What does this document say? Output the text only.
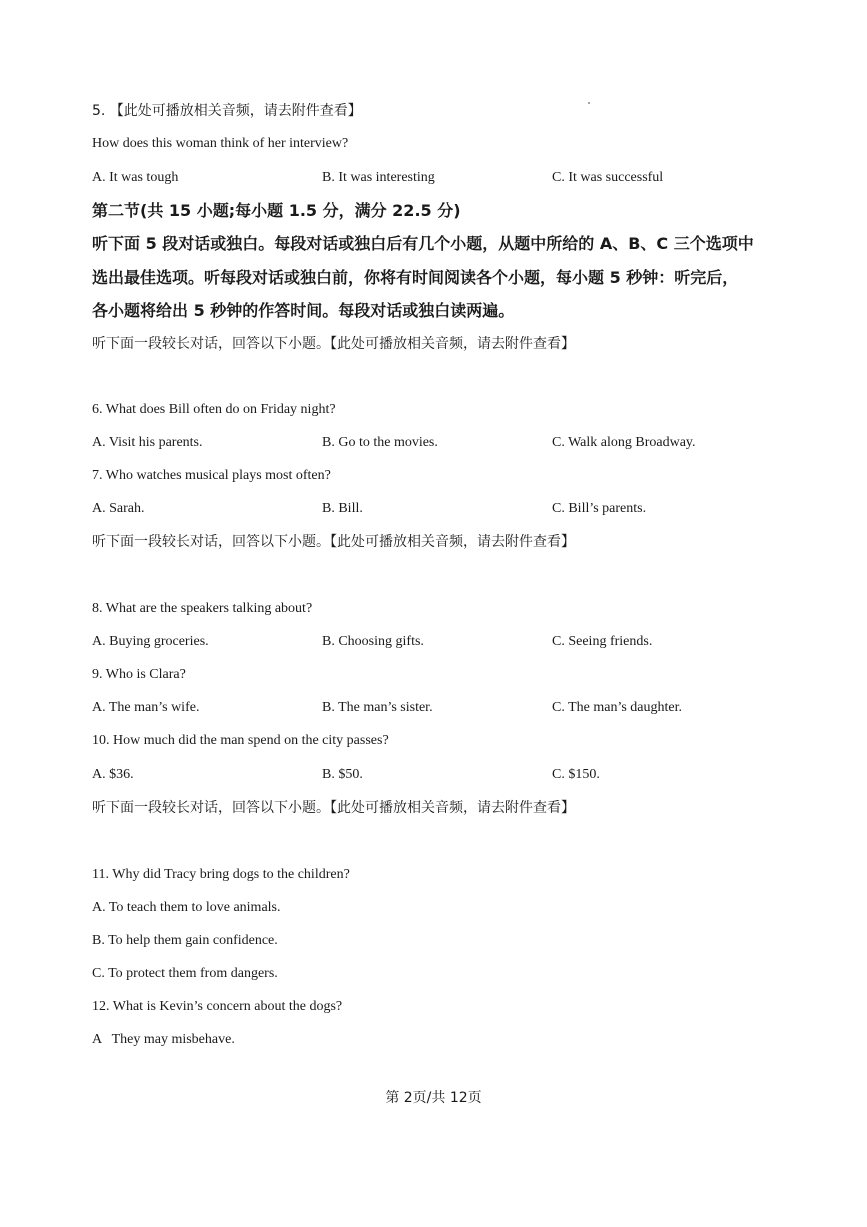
5. 【此处可播放相关音频，请去附件查看】
How does this woman think of her interview?
A. It was tough	B. It was interesting	C. It was successful
第二节(共 15 小题;每小题 1.5 分，满分 22.5 分)
听下面 5 段对话或独白。每段对话或独白后有几个小题，从题中所给的 A、B、C 三个选项中
选出最佳选项。听每段对话或独白前，你将有时间阅读各个小题，每小题 5 秒钟：听完后，
各小题将给出 5 秒钟的作答时间。每段对话或独白读两遍。
听下面一段较长对话，回答以下小题。【此处可播放相关音频，请去附件查看】
6. What does Bill often do on Friday night?
A. Visit his parents.	B. Go to the movies.	C. Walk along Broadway.
7. Who watches musical plays most often?
A. Sarah.	B. Bill.	C. Bill’s parents.
听下面一段较长对话，回答以下小题。【此处可播放相关音频，请去附件查看】
8. What are the speakers talking about?
A. Buying groceries.	B. Choosing gifts.	C. Seeing friends.
9. Who is Clara?
A. The man’s wife.	B. The man’s sister.	C. The man’s daughter.
10. How much did the man spend on the city passes?
A. $36.	B. $50.	C. $150.
听下面一段较长对话，回答以下小题。【此处可播放相关音频，请去附件查看】
11. Why did Tracy bring dogs to the children?
A. To teach them to love animals.
B. To help them gain confidence.
C. To protect them from dangers.
12. What is Kevin’s concern about the dogs?
A   They may misbehave.
第 2页/共 12页
